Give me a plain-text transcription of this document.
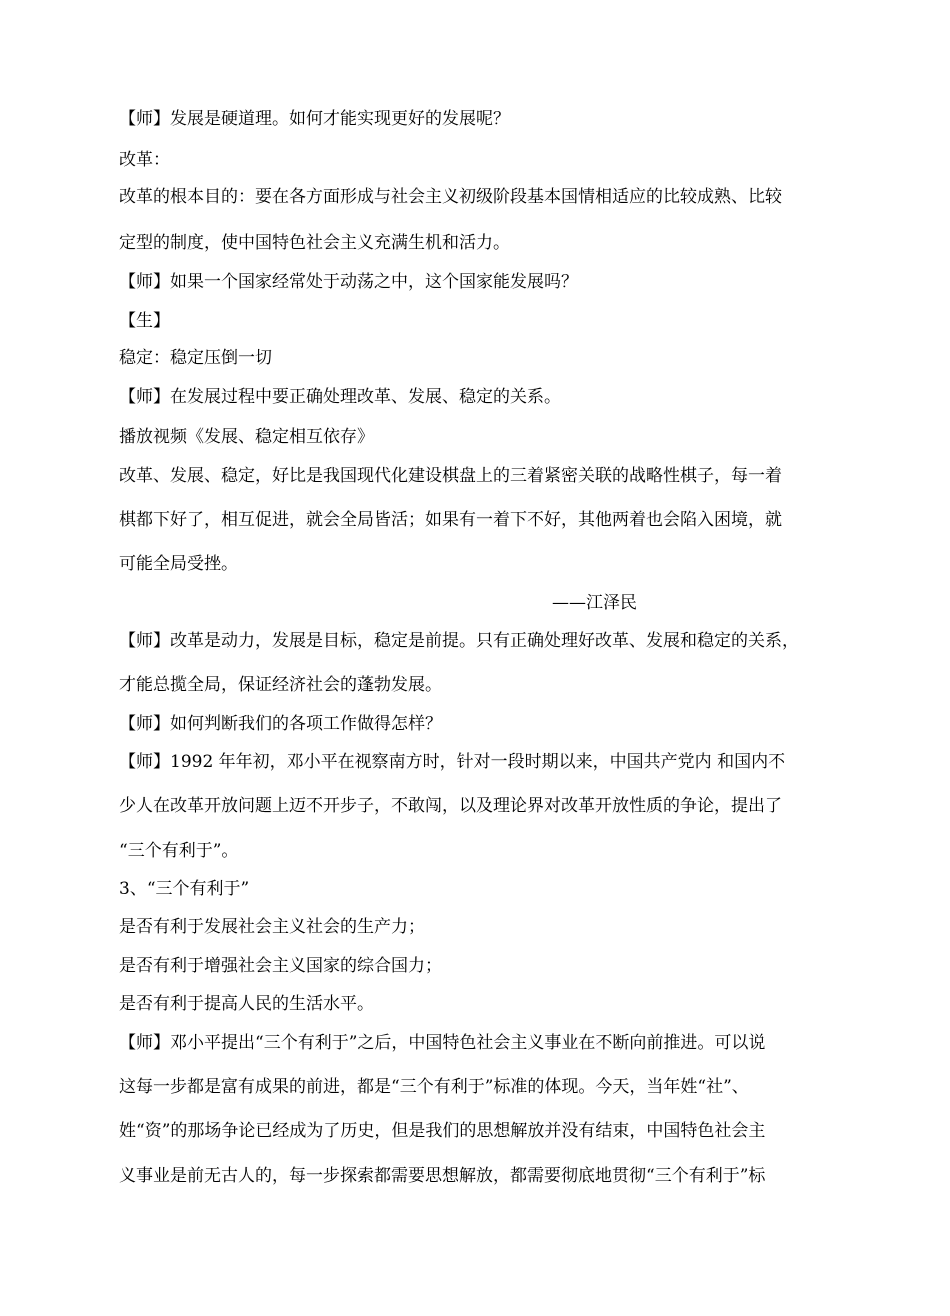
【师】发展是硬道理。如何才能实现更好的发展呢？
改革：
改革的根本目的：要在各方面形成与社会主义初级阶段基本国情相适应的比较成熟、比较
定型的制度，使中国特色社会主义充满生机和活力。
【师】如果一个国家经常处于动荡之中，这个国家能发展吗？
【生】
稳定：稳定压倒一切
【师】在发展过程中要正确处理改革、发展、稳定的关系。
播放视频《发展、稳定相互依存》
改革、发展、稳定，好比是我国现代化建设棋盘上的三着紧密关联的战略性棋子，每一着
棋都下好了，相互促进，就会全局皆活；如果有一着下不好，其他两着也会陷入困境，就
可能全局受挫。
——江泽民
【师】改革是动力，发展是目标，稳定是前提。只有正确处理好改革、发展和稳定的关系，
才能总揽全局，保证经济社会的蓬勃发展。
【师】如何判断我们的各项工作做得怎样？
【师】1992 年年初，邓小平在视察南方时，针对一段时期以来，中国共产党内 和国内不
少人在改革开放问题上迈不开步子，不敢闯，以及理论界对改革开放性质的争论，提出了
“三个有利于”。
3、“三个有利于”
是否有利于发展社会主义社会的生产力；
是否有利于增强社会主义国家的综合国力；
是否有利于提高人民的生活水平。
【师】邓小平提出“三个有利于”之后，中国特色社会主义事业在不断向前推进。可以说
这每一步都是富有成果的前进，都是“三个有利于”标准的体现。今天，当年姓“社”、
姓“资”的那场争论已经成为了历史，但是我们的思想解放并没有结束，中国特色社会主
义事业是前无古人的，每一步探索都需要思想解放，都需要彻底地贯彻“三个有利于”标
